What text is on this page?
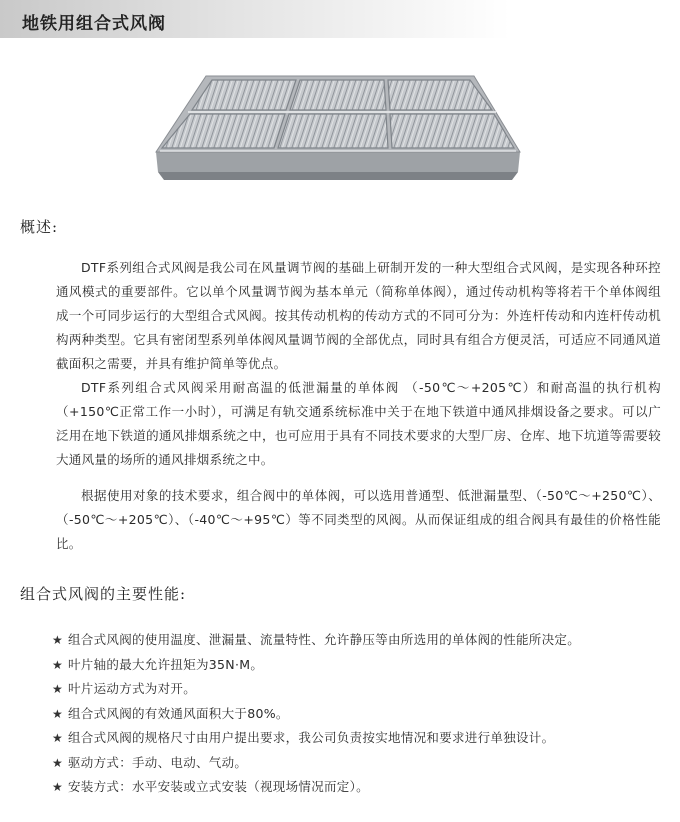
地铁用组合式风阀
概述:

DTF系列组合式风阀是我公司在风量调节阀的基础上研制开发的一种大型组合式风阀，是实现各种环控通风模式的重要部件。它以单个风量调节阀为基本单元（简称单体阀），通过传动机构等将若干个单体阀组成一个可同步运行的大型组合式风阀。按其传动机构的传动方式的不同可分为：外连杆传动和内连杆传动机构两种类型。它具有密闭型系列单体阀风量调节阀的全部优点，同时具有组合方便灵活，可适应不同通风道截面积之需要，并具有维护简单等优点。

DTF系列组合式风阀采用耐高温的低泄漏量的单体阀 （-50℃～+205℃）和耐高温的执行机构（+150℃正常工作一小时），可满足有轨交通系统标准中关于在地下铁道中通风排烟设备之要求。可以广泛用在地下铁道的通风排烟系统之中，也可应用于具有不同技术要求的大型厂房、仓库、地下坑道等需要较大通风量的场所的通风排烟系统之中。

根据使用对象的技术要求，组合阀中的单体阀，可以选用普通型、低泄漏量型、（-50℃～+250℃）、（-50℃～+205℃）、（-40℃～+95℃）等不同类型的风阀。从而保证组成的组合阀具有最佳的价格性能比。

组合式风阀的主要性能:
★ 组合式风阀的使用温度、泄漏量、流量特性、允许静压等由所选用的单体阀的性能所决定。
★ 叶片轴的最大允许扭矩为35N·M。
★ 叶片运动方式为对开。
★ 组合式风阀的有效通风面积大于80%。
★ 组合式风阀的规格尺寸由用户提出要求，我公司负责按实地情况和要求进行单独设计。
★ 驱动方式：手动、电动、气动。
★ 安装方式：水平安装或立式安装（视现场情况而定）。
